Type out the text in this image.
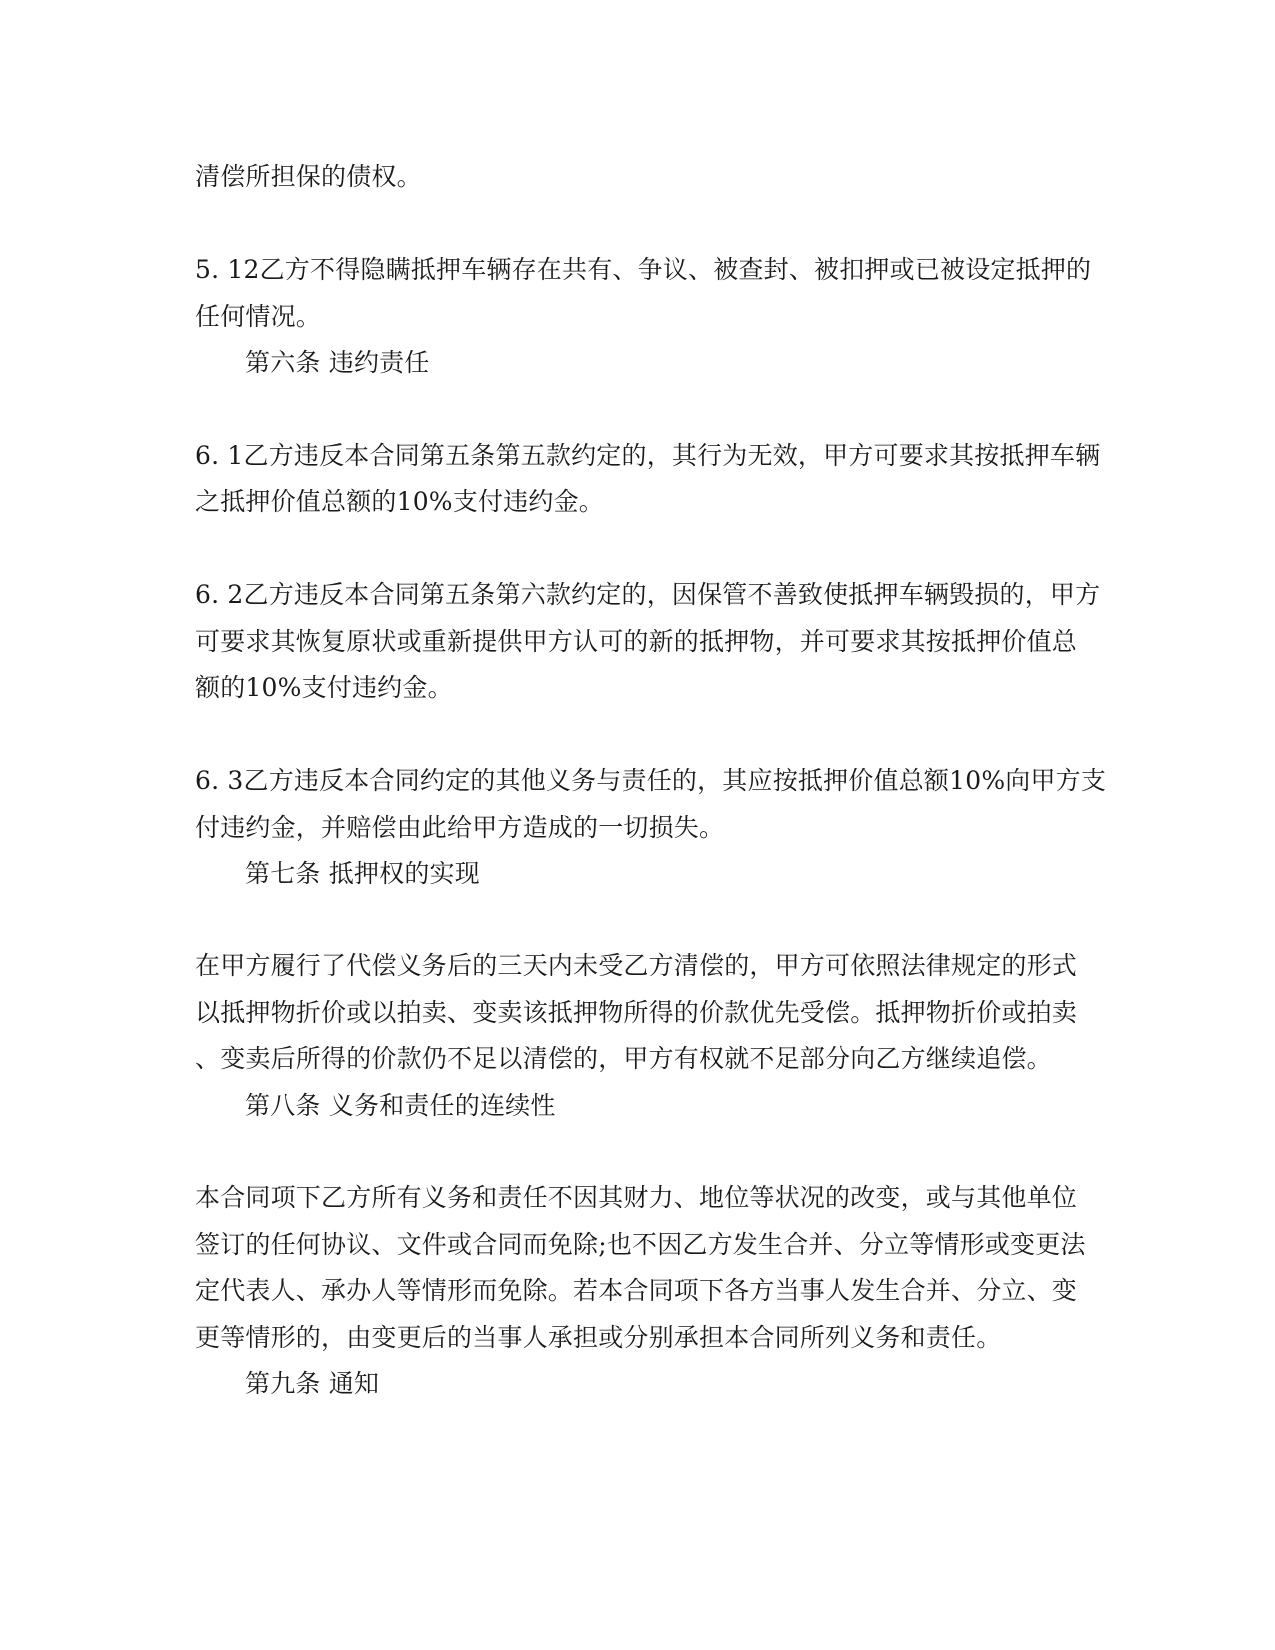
清偿所担保的债权。
5. 12乙方不得隐瞒抵押车辆存在共有、争议、被查封、被扣押或已被设定抵押的
任何情况。
第六条 违约责任
6. 1乙方违反本合同第五条第五款约定的，其行为无效，甲方可要求其按抵押车辆
之抵押价值总额的10%支付违约金。
6. 2乙方违反本合同第五条第六款约定的，因保管不善致使抵押车辆毁损的，甲方
可要求其恢复原状或重新提供甲方认可的新的抵押物，并可要求其按抵押价值总
额的10%支付违约金。
6. 3乙方违反本合同约定的其他义务与责任的，其应按抵押价值总额10%向甲方支
付违约金，并赔偿由此给甲方造成的一切损失。
第七条 抵押权的实现
在甲方履行了代偿义务后的三天内未受乙方清偿的，甲方可依照法律规定的形式
以抵押物折价或以拍卖、变卖该抵押物所得的价款优先受偿。抵押物折价或拍卖
、变卖后所得的价款仍不足以清偿的，甲方有权就不足部分向乙方继续追偿。
第八条 义务和责任的连续性
本合同项下乙方所有义务和责任不因其财力、地位等状况的改变，或与其他单位
签订的任何协议、文件或合同而免除;也不因乙方发生合并、分立等情形或变更法
定代表人、承办人等情形而免除。若本合同项下各方当事人发生合并、分立、变
更等情形的，由变更后的当事人承担或分别承担本合同所列义务和责任。
第九条 通知
